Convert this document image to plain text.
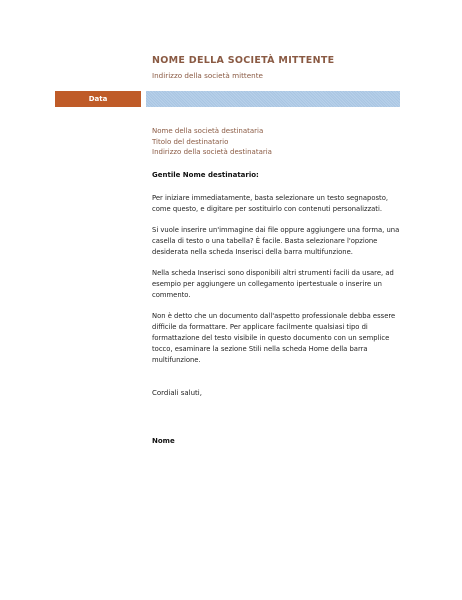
NOME DELLA SOCIETÀ MITTENTE
Indirizzo della società mittente
Data
Nome della società destinataria
Titolo del destinatario
Indirizzo della società destinataria
Gentile Nome destinatario:

Per iniziare immediatamente, basta selezionare un testo segnaposto, come questo, e digitare per sostituirlo con contenuti personalizzati.

Si vuole inserire un'immagine dai file oppure aggiungere una forma, una casella di testo o una tabella? È facile. Basta selezionare l'opzione desiderata nella scheda Inserisci della barra multifunzione.

Nella scheda Inserisci sono disponibili altri strumenti facili da usare, ad esempio per aggiungere un collegamento ipertestuale o inserire un commento.

Non è detto che un documento dall'aspetto professionale debba essere difficile da formattare. Per applicare facilmente qualsiasi tipo di formattazione del testo visibile in questo documento con un semplice tocco, esaminare la sezione Stili nella scheda Home della barra multifunzione.

Cordiali saluti,
Nome
